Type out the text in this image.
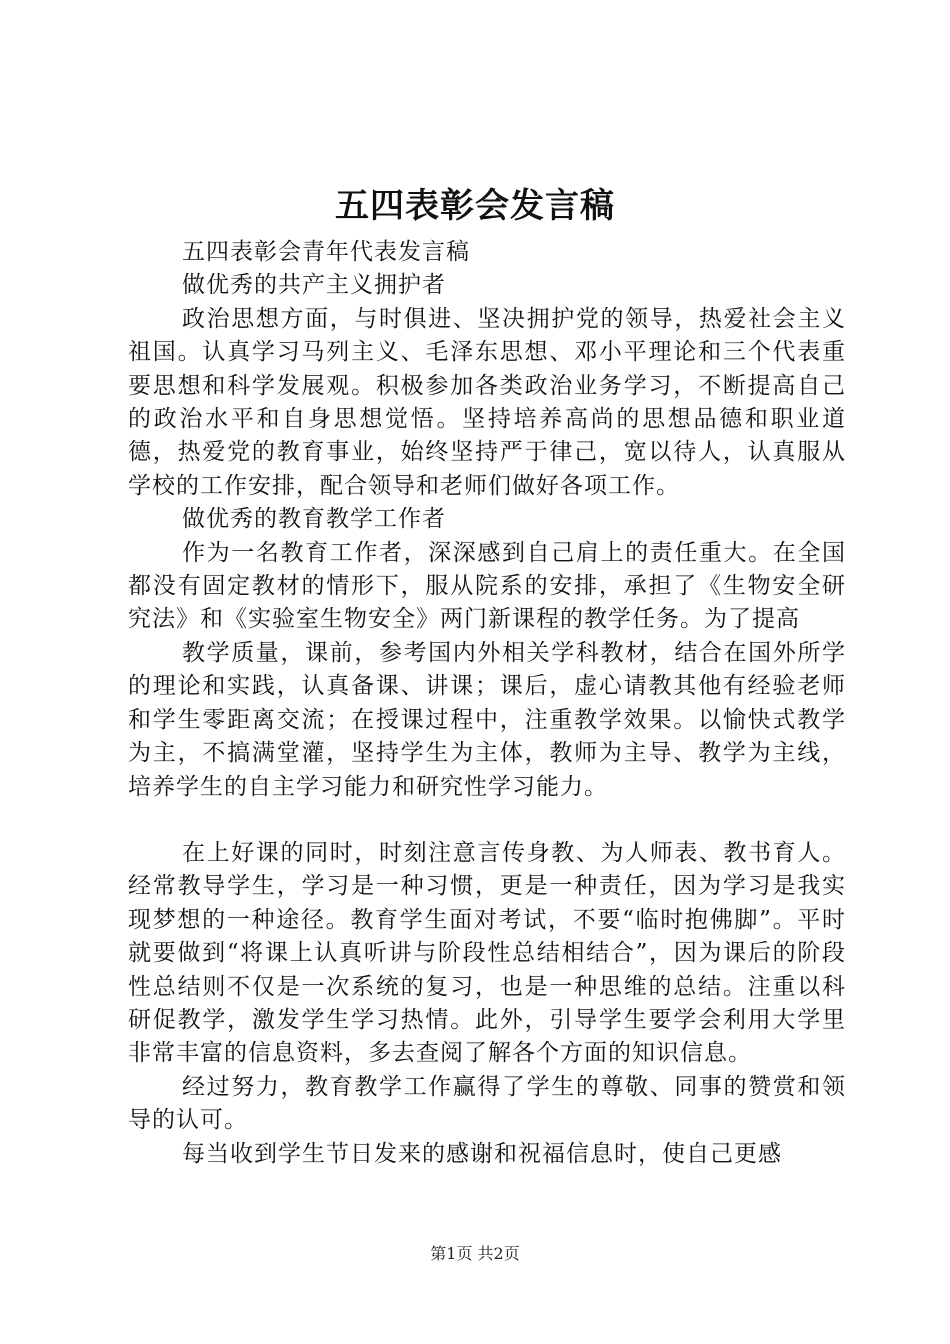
五四表彰会发言稿

五四表彰会青年代表发言稿

做优秀的共产主义拥护者

政治思想方面，与时俱进、坚决拥护党的领导，热爱社会主义祖国。认真学习马列主义、毛泽东思想、邓小平理论和三个代表重要思想和科学发展观。积极参加各类政治业务学习，不断提高自己的政治水平和自身思想觉悟。坚持培养高尚的思想品德和职业道德，热爱党的教育事业，始终坚持严于律己，宽以待人，认真服从学校的工作安排，配合领导和老师们做好各项工作。

做优秀的教育教学工作者

作为一名教育工作者，深深感到自己肩上的责任重大。在全国都没有固定教材的情形下，服从院系的安排，承担了《生物安全研究法》和《实验室生物安全》两门新课程的教学任务。为了提高

教学质量，课前，参考国内外相关学科教材，结合在国外所学的理论和实践，认真备课、讲课；课后，虚心请教其他有经验老师和学生零距离交流；在授课过程中，注重教学效果。以愉快式教学为主，不搞满堂灌，坚持学生为主体，教师为主导、教学为主线，培养学生的自主学习能力和研究性学习能力。

在上好课的同时，时刻注意言传身教、为人师表、教书育人。经常教导学生，学习是一种习惯，更是一种责任，因为学习是我实现梦想的一种途径。教育学生面对考试，不要“临时抱佛脚”。平时就要做到“将课上认真听讲与阶段性总结相结合”，因为课后的阶段性总结则不仅是一次系统的复习，也是一种思维的总结。注重以科研促教学，激发学生学习热情。此外，引导学生要学会利用大学里非常丰富的信息资料，多去查阅了解各个方面的知识信息。

经过努力，教育教学工作赢得了学生的尊敬、同事的赞赏和领导的认可。

每当收到学生节日发来的感谢和祝福信息时，使自己更感

第1页 共2页
